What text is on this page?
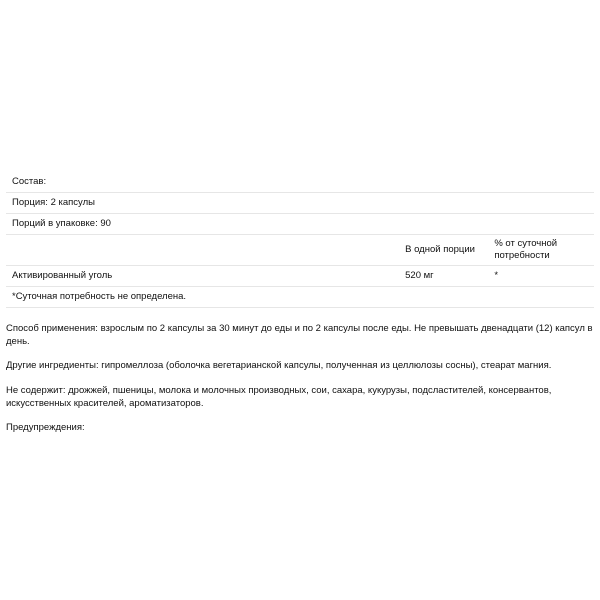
Состав:		
Порция: 2 капсулы		
Порций в упаковке: 90		
	В одной порции	% от суточной потребности
Активированный уголь	520 мг	*
*Суточная потребность не определена.		

Способ применения: взрослым по 2 капсулы за 30 минут до еды и по 2 капсулы после еды. Не превышать двенадцати (12) капсул в день.

Другие ингредиенты: гипромеллоза (оболочка вегетарианской капсулы, полученная из целлюлозы сосны), стеарат магния.

Не содержит: дрожжей, пшеницы, молока и молочных производных, сои, сахара, кукурузы, подсластителей, консервантов, искусственных красителей, ароматизаторов.

Предупреждения:
